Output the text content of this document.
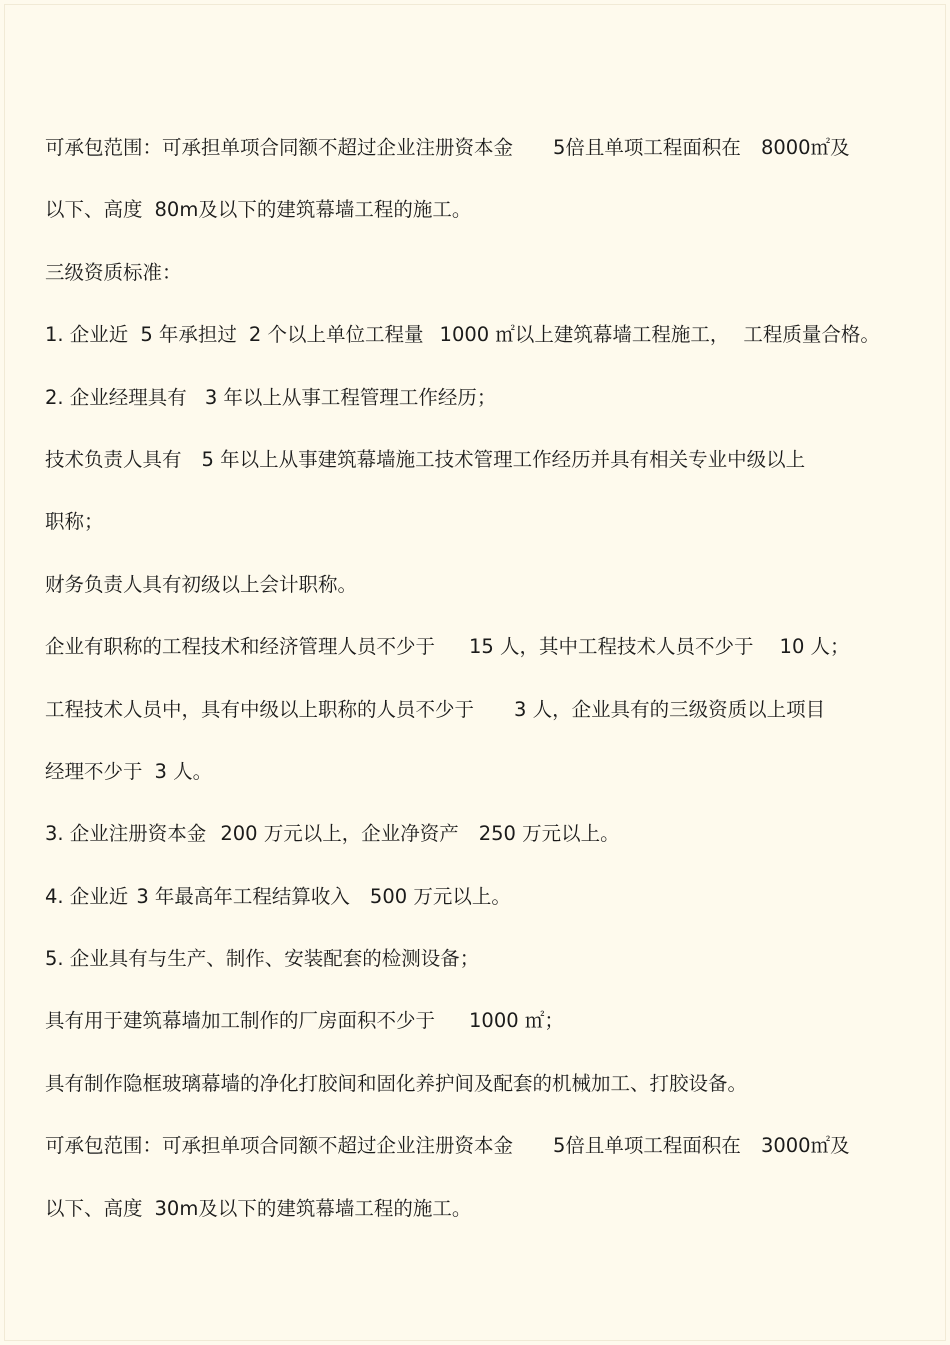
可承包范围：可承担单项合同额不超过企业注册资本金 5倍且单项工程面积在 8000㎡及
以下、高度 80m及以下的建筑幕墙工程的施工。
三级资质标准：
1. 企业近 5 年承担过 2 个以上单位工程量 1000 ㎡以上建筑幕墙工程施工， 工程质量合格。
2. 企业经理具有 3 年以上从事工程管理工作经历；
技术负责人具有 5 年以上从事建筑幕墙施工技术管理工作经历并具有相关专业中级以上
职称；
财务负责人具有初级以上会计职称。
企业有职称的工程技术和经济管理人员不少于 15 人，其中工程技术人员不少于 10 人；
工程技术人员中，具有中级以上职称的人员不少于 3 人，企业具有的三级资质以上项目
经理不少于 3 人。
3. 企业注册资本金 200 万元以上，企业净资产 250 万元以上。
4. 企业近 3 年最高年工程结算收入 500 万元以上。
5. 企业具有与生产、制作、安装配套的检测设备；
具有用于建筑幕墙加工制作的厂房面积不少于 1000 ㎡；
具有制作隐框玻璃幕墙的净化打胶间和固化养护间及配套的机械加工、打胶设备。
可承包范围：可承担单项合同额不超过企业注册资本金 5倍且单项工程面积在 3000㎡及
以下、高度 30m及以下的建筑幕墙工程的施工。
